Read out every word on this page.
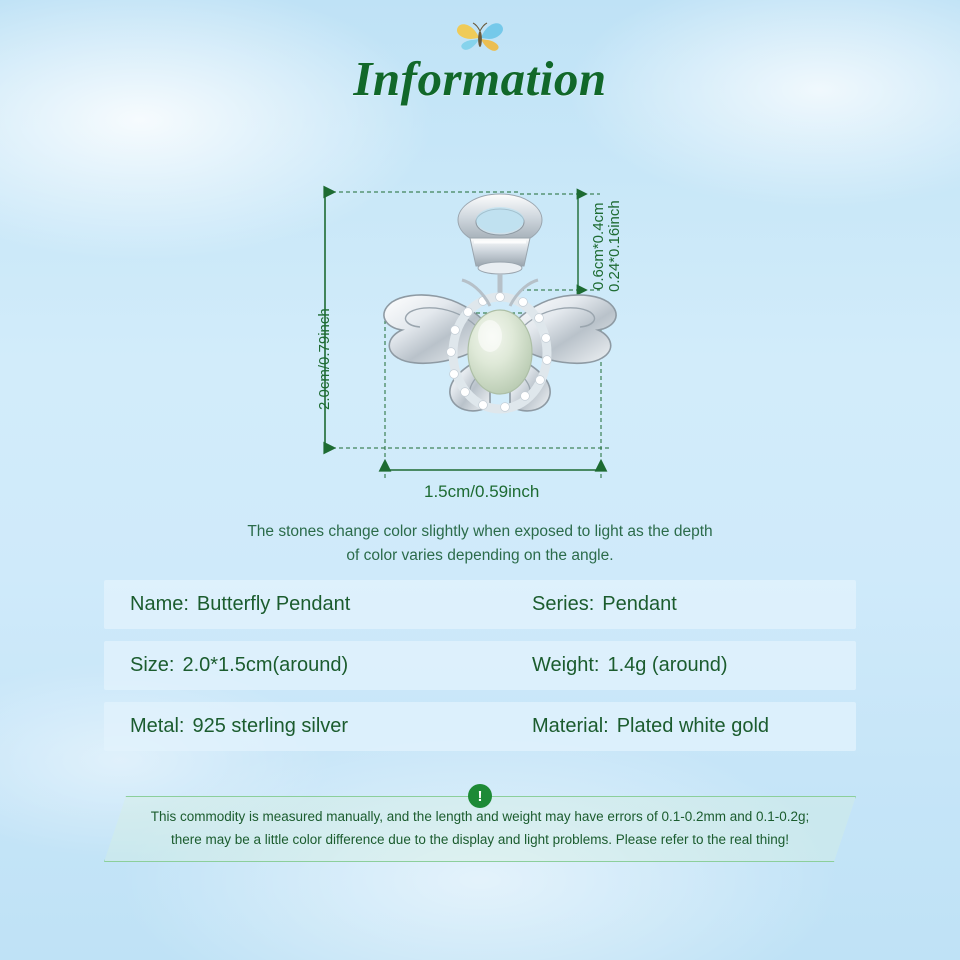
Information
2.0cm/0.79inch
0.6cm*0.4cm 0.24*0.16inch
1.5cm/0.59inch
The stones change color slightly when exposed to light as the depth
of color varies depending on the angle.
Name: Butterfly Pendant	Series: Pendant
Size: 2.0*1.5cm(around)	Weight: 1.4g (around)
Metal: 925 sterling silver	Material: Plated white gold
!
This commodity is measured manually, and the length and weight may have errors of 0.1-0.2mm and 0.1-0.2g;
there may be a little color difference due to the display and light problems. Please refer to the real thing!
